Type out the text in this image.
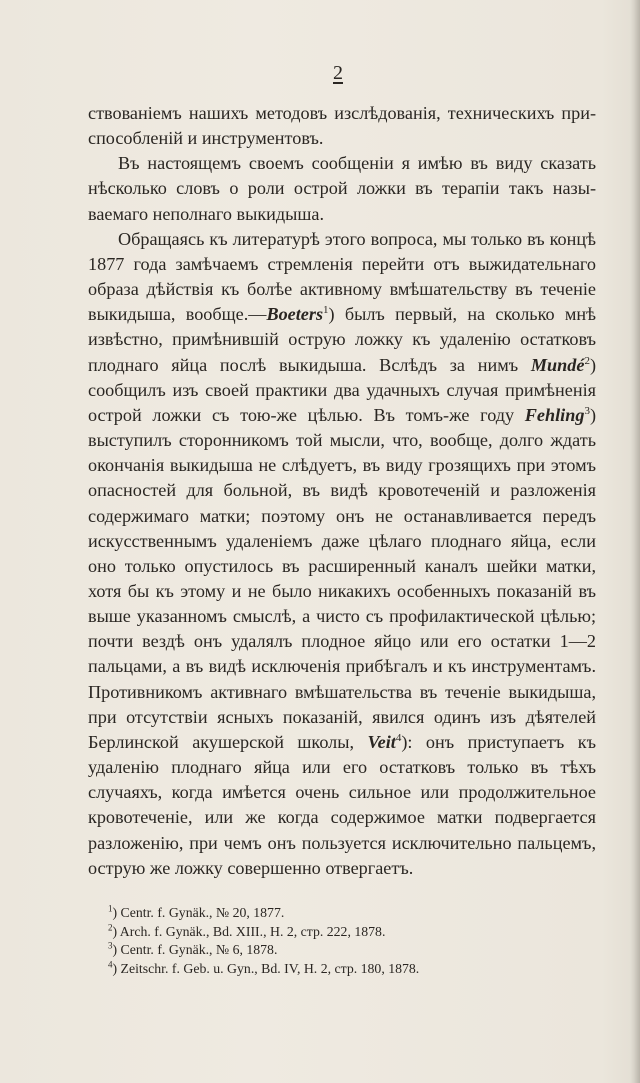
2

ствованіемъ нашихъ методовъ изслѣдованія, техническихъ приспособленій и инструментовъ.

Въ настоящемъ своемъ сообщеніи я имѣю въ виду сказать нѣсколько словъ о роли острой ложки въ терапіи такъ называемаго неполнаго выкидыша.

Обращаясь къ литературѣ этого вопроса, мы только въ концѣ 1877 года замѣчаемъ стремленія перейти отъ выжидательнаго образа дѣйствія къ болѣе активному вмѣшательству въ теченіе выкидыша, вообще.—Boeters$^1$) былъ первый, на сколько мнѣ извѣстно, примѣнившій острую ложку къ удаленію остатковъ плоднаго яйца послѣ выкидыша. Вслѣдъ за нимъ Mundé$^2$) сообщилъ изъ своей практики два удачныхъ случая примѣненія острой ложки съ тою-же цѣлью. Въ томъ-же году Fehling$^3$) выступилъ сторонникомъ той мысли, что, вообще, долго ждать окончанія выкидыша не слѣдуетъ, въ виду грозящихъ при этомъ опасностей для больной, въ видѣ кровотеченій и разложенія содержимаго матки; поэтому онъ не останавливается передъ искусственнымъ удаленіемъ даже цѣлаго плоднаго яйца, если оно только опустилось въ расширенный каналъ шейки матки, хотя бы къ этому и не было никакихъ особенныхъ показаній въ выше указанномъ смыслѣ, а чисто съ профилактической цѣлью; почти вездѣ онъ удалялъ плодное яйцо или его остатки 1—2 пальцами, а въ видѣ исключенія прибѣгалъ и къ инструментамъ. Противникомъ активнаго вмѣшательства въ теченіе выкидыша, при отсутствіи ясныхъ показаній, явился одинъ изъ дѣятелей Берлинской акушерской школы, Veit$^4$): онъ приступаетъ къ удаленію плоднаго яйца или его остатковъ только въ тѣхъ случаяхъ, когда имѣется очень сильное или продолжительное кровотеченіе, или же когда содержимое матки подвергается разложенію, при чемъ онъ пользуется исключительно пальцемъ, острую же ложку совершенно отвергаетъ.

$^1$) Centr. f. Gynäk., № 20, 1877.
$^2$) Arch. f. Gynäk., Bd. XIII., H. 2, стр. 222, 1878.
$^3$) Centr. f. Gynäk., № 6, 1878.
$^4$) Zeitschr. f. Geb. u. Gyn., Bd. IV, H. 2, стр. 180, 1878.
